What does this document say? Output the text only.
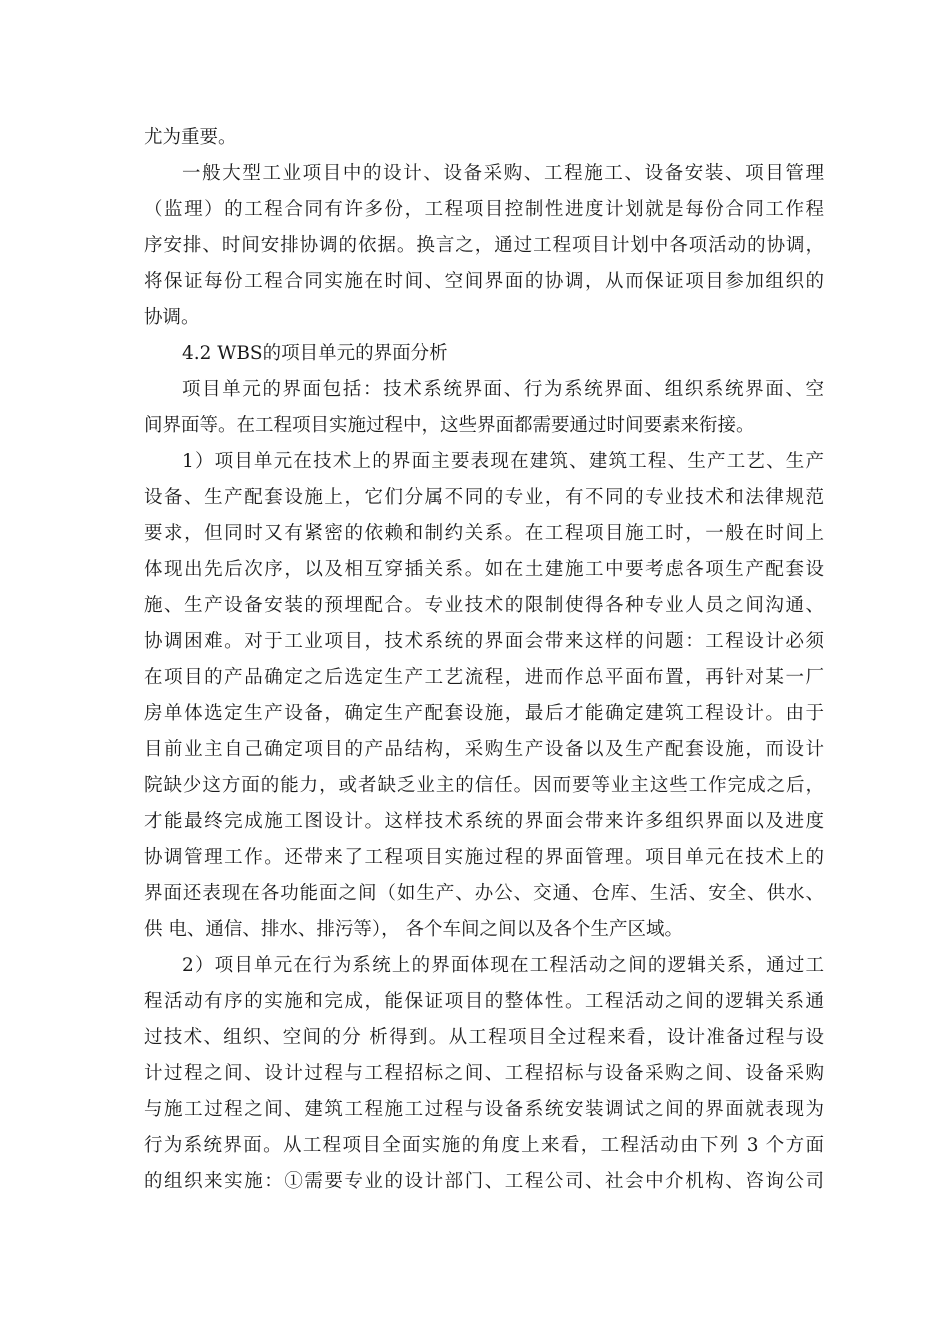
尤为重要。
一般大型工业项目中的设计、设备采购、工程施工、设备安装、项目管理
（监理）的工程合同有许多份，工程项目控制性进度计划就是每份合同工作程
序安排、时间安排协调的依据。换言之，通过工程项目计划中各项活动的协调，
将保证每份工程合同实施在时间、空间界面的协调，从而保证项目参加组织的
协调。
4.2 WBS的项目单元的界面分析
项目单元的界面包括：技术系统界面、行为系统界面、组织系统界面、空
间界面等。在工程项目实施过程中，这些界面都需要通过时间要素来衔接。
1）项目单元在技术上的界面主要表现在建筑、建筑工程、生产工艺、生产
设备、生产配套设施上，它们分属不同的专业，有不同的专业技术和法律规范
要求，但同时又有紧密的依赖和制约关系。在工程项目施工时，一般在时间上
体现出先后次序，以及相互穿插关系。如在土建施工中要考虑各项生产配套设
施、生产设备安装的预埋配合。专业技术的限制使得各种专业人员之间沟通、
协调困难。对于工业项目，技术系统的界面会带来这样的问题：工程设计必须
在项目的产品确定之后选定生产工艺流程，进而作总平面布置，再针对某一厂
房单体选定生产设备，确定生产配套设施，最后才能确定建筑工程设计。由于
目前业主自己确定项目的产品结构，采购生产设备以及生产配套设施，而设计
院缺少这方面的能力，或者缺乏业主的信任。因而要等业主这些工作完成之后，
才能最终完成施工图设计。这样技术系统的界面会带来许多组织界面以及进度
协调管理工作。还带来了工程项目实施过程的界面管理。项目单元在技术上的
界面还表现在各功能面之间（如生产、办公、交通、仓库、生活、安全、供水、
供 电、通信、排水、排污等）， 各个车间之间以及各个生产区域。
2）项目单元在行为系统上的界面体现在工程活动之间的逻辑关系，通过工
程活动有序的实施和完成，能保证项目的整体性。工程活动之间的逻辑关系通
过技术、组织、空间的分 析得到。从工程项目全过程来看，设计准备过程与设
计过程之间、设计过程与工程招标之间、工程招标与设备采购之间、设备采购
与施工过程之间、建筑工程施工过程与设备系统安装调试之间的界面就表现为
行为系统界面。从工程项目全面实施的角度上来看，工程活动由下列 3 个方面
的组织来实施：①需要专业的设计部门、工程公司、社会中介机构、咨询公司
